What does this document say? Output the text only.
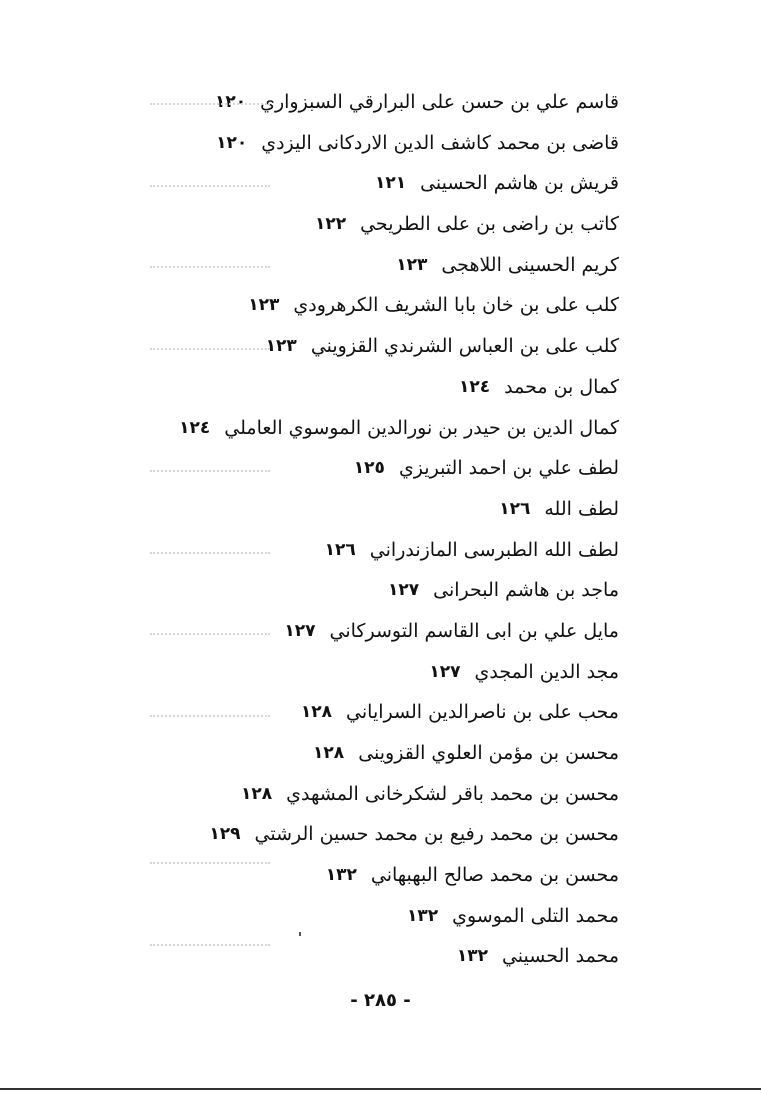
قاسم علي بن حسن على البرارقي السبزواري
١٢٠
قاضى بن محمد كاشف الدين الاردكانى اليزدي
١٢٠
قريش بن هاشم الحسينى
١٢١
كاتب بن راضى بن على الطريحي
١٢٢
كريم الحسينى اللاهجى
١٢٣
كلب على بن خان بابا الشريف الكرهرودي
١٢٣
كلب على بن العباس الشرندي القزويني
١٢٣
كمال بن محمد
١٢٤
كمال الدين بن حيدر بن نورالدين الموسوي العاملي
١٢٤
لطف علي بن احمد التبريزي
١٢٥
لطف الله
١٢٦
لطف الله الطبرسى المازندراني
١٢٦
ماجد بن هاشم البحرانى
١٢٧
مايل علي بن ابى القاسم التوسركاني
١٢٧
مجد الدين المجدي
١٢٧
محب على بن ناصرالدين السراياني
١٢٨
محسن بن مؤمن العلوي القزوينى
١٢٨
محسن بن محمد باقر لشكرخانى المشهدي
١٢٨
محسن بن محمد رفيع بن محمد حسين الرشتي
١٢٩
محسن بن محمد صالح البهبهاني
١٣٢
محمد التلى الموسوي
١٣٢
محمد الحسيني
١٣٢
- ٢٨٥ -
